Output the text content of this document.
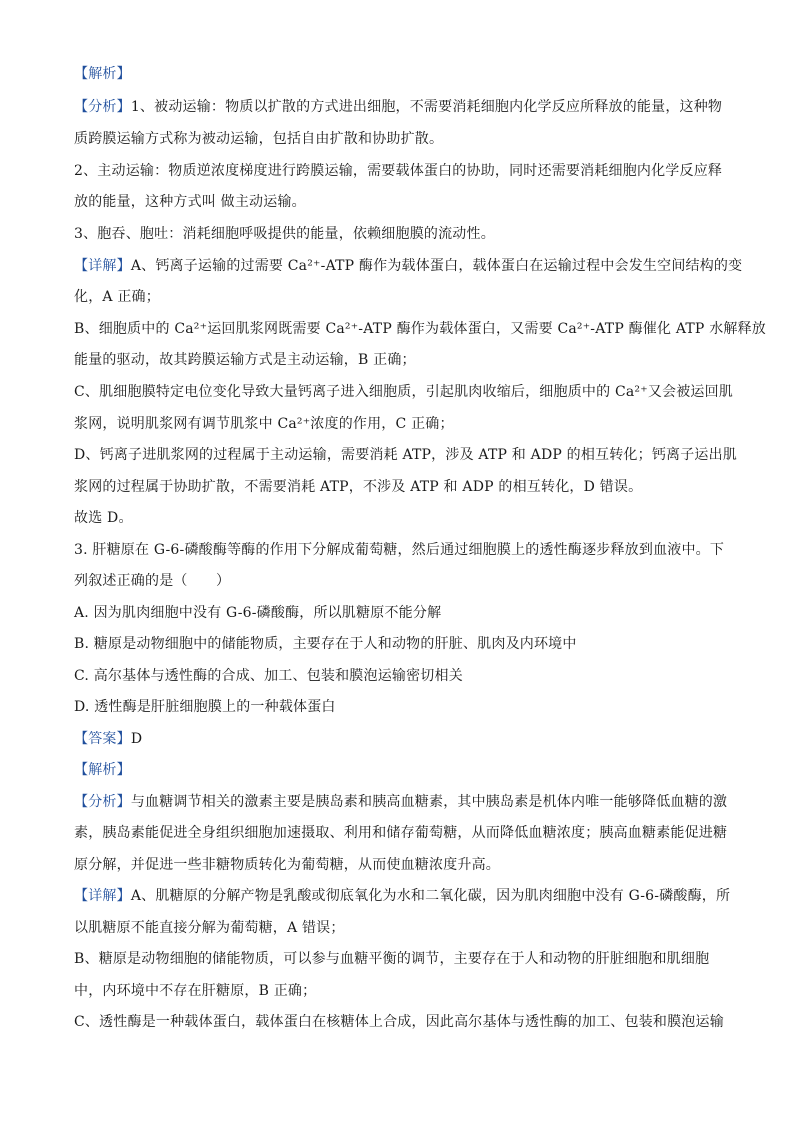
【解析】
【分析】1、被动运输：物质以扩散的方式进出细胞，不需要消耗细胞内化学反应所释放的能量，这种物
质跨膜运输方式称为被动运输，包括自由扩散和协助扩散。
2、主动运输：物质逆浓度梯度进行跨膜运输，需要载体蛋白的协助，同时还需要消耗细胞内化学反应释
放的能量，这种方式叫 做主动运输。
3、胞吞、胞吐：消耗细胞呼吸提供的能量，依赖细胞膜的流动性。
【详解】A、钙离子运输的过需要 Ca²⁺-ATP 酶作为载体蛋白，载体蛋白在运输过程中会发生空间结构的变
化，A 正确；
B、细胞质中的 Ca²⁺运回肌浆网既需要 Ca²⁺-ATP 酶作为载体蛋白，又需要 Ca²⁺-ATP 酶催化 ATP 水解释放
能量的驱动，故其跨膜运输方式是主动运输，B 正确；
C、肌细胞膜特定电位变化导致大量钙离子进入细胞质，引起肌肉收缩后，细胞质中的 Ca²⁺又会被运回肌
浆网，说明肌浆网有调节肌浆中 Ca²⁺浓度的作用，C 正确；
D、钙离子进肌浆网的过程属于主动运输，需要消耗 ATP，涉及 ATP 和 ADP 的相互转化；钙离子运出肌
浆网的过程属于协助扩散，不需要消耗 ATP，不涉及 ATP 和 ADP 的相互转化，D 错误。
故选 D。
3. 肝糖原在 G-6-磷酸酶等酶的作用下分解成葡萄糖，然后通过细胞膜上的透性酶逐步释放到血液中。下
列叙述正确的是（　　）
A. 因为肌肉细胞中没有 G-6-磷酸酶，所以肌糖原不能分解
B. 糖原是动物细胞中的储能物质，主要存在于人和动物的肝脏、肌肉及内环境中
C. 高尔基体与透性酶的合成、加工、包装和膜泡运输密切相关
D. 透性酶是肝脏细胞膜上的一种载体蛋白
【答案】D
【解析】
【分析】与血糖调节相关的激素主要是胰岛素和胰高血糖素，其中胰岛素是机体内唯一能够降低血糖的激
素，胰岛素能促进全身组织细胞加速摄取、利用和储存葡萄糖，从而降低血糖浓度；胰高血糖素能促进糖
原分解，并促进一些非糖物质转化为葡萄糖，从而使血糖浓度升高。
【详解】A、肌糖原的分解产物是乳酸或彻底氧化为水和二氧化碳，因为肌肉细胞中没有 G-6-磷酸酶，所
以肌糖原不能直接分解为葡萄糖，A 错误；
B、糖原是动物细胞的储能物质，可以参与血糖平衡的调节，主要存在于人和动物的肝脏细胞和肌细胞
中，内环境中不存在肝糖原，B 正确；
C、透性酶是一种载体蛋白，载体蛋白在核糖体上合成，因此高尔基体与透性酶的加工、包装和膜泡运输
